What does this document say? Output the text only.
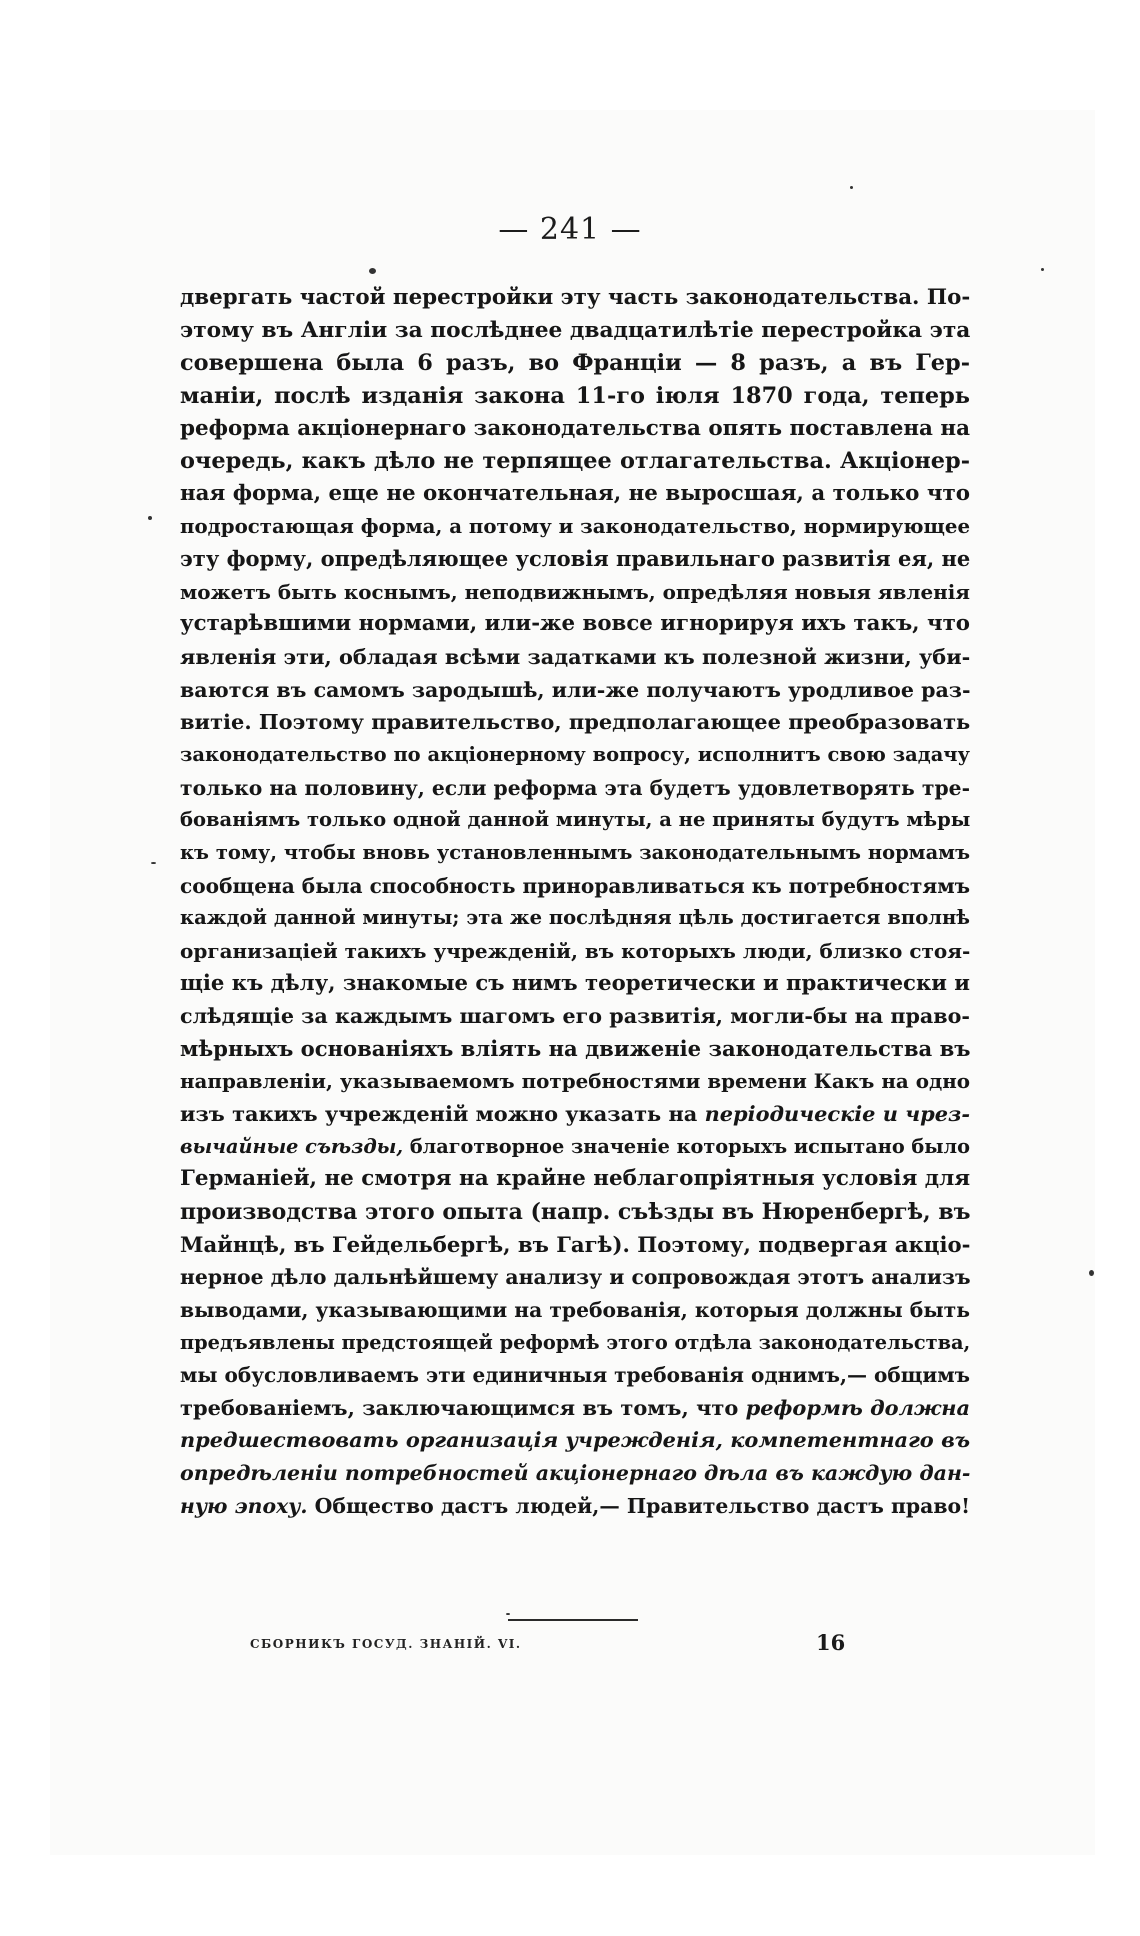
— 241 —
двергать частой перестройки эту часть законодательства. По-
этому въ Англіи за послѣднее двадцатилѣтіе перестройка эта
совершена была 6 разъ, во Франціи — 8 разъ, а въ Гер-
маніи, послѣ изданія закона 11-го іюля 1870 года, теперь
реформа акціонернаго законодательства опять поставлена на
очередь, какъ дѣло не терпящее отлагательства. Акціонер-
ная форма, еще не окончательная, не выросшая, а только что
подростающая форма, а потому и законодательство, нормирующее
эту форму, опредѣляющее условія правильнаго развитія ея, не
можетъ быть коснымъ, неподвижнымъ, опредѣляя новыя явленія
устарѣвшими нормами, или-же вовсе игнорируя ихъ такъ, что
явленія эти, обладая всѣми задатками къ полезной жизни, уби-
ваются въ самомъ зародышѣ, или-же получаютъ уродливое раз-
витіе. Поэтому правительство, предполагающее преобразовать
законодательство по акціонерному вопросу, исполнитъ свою задачу
только на половину, если реформа эта будетъ удовлетворять тре-
бованіямъ только одной данной минуты, а не приняты будутъ мѣры
къ тому, чтобы вновь установленнымъ законодательнымъ нормамъ
сообщена была способность приноравливаться къ потребностямъ
каждой данной минуты; эта же послѣдняя цѣль достигается вполнѣ
организаціей такихъ учрежденій, въ которыхъ люди, близко стоя-
щіе къ дѣлу, знакомые съ нимъ теоретически и практически и
слѣдящіе за каждымъ шагомъ его развитія, могли-бы на право-
мѣрныхъ основаніяхъ вліять на движеніе законодательства въ
направленіи, указываемомъ потребностями времени Какъ на одно
изъ такихъ учрежденій можно указать на періодическіе и чрез-
вычайные съѣзды, благотворное значеніе которыхъ испытано было
Германіей, не смотря на крайне неблагопріятныя условія для
производства этого опыта (напр. съѣзды въ Нюренбергѣ, въ
Майнцѣ, въ Гейдельбергѣ, въ Гагѣ). Поэтому, подвергая акціо-
нерное дѣло дальнѣйшему анализу и сопровождая этотъ анализъ
выводами, указывающими на требованія, которыя должны быть
предъявлены предстоящей реформѣ этого отдѣла законодательства,
мы обусловливаемъ эти единичныя требованія однимъ,— общимъ
требованіемъ, заключающимся въ томъ, что реформѣ должна
предшествовать организація учрежденія, компетентнаго въ
опредѣленіи потребностей акціонернаго дѣла въ каждую дан-
ную эпоху. Общество дастъ людей,— Правительство дастъ право!
СБОРНИКЪ ГОСУД. ЗНАНІЙ. VI.	16
